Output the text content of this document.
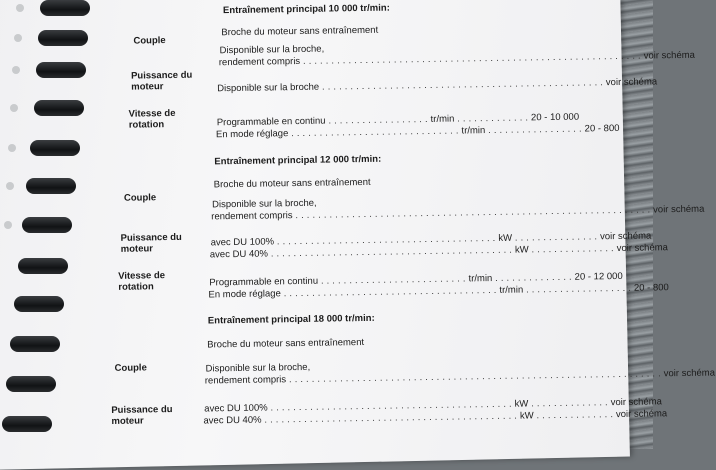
Entraînement principal 10 000 tr/min:
Broche du moteur sans entraînement
Couple
Disponible sur la broche,
rendement compris . . . . . . . . . . . . . . . . . . . . . . . . . . . . . . . . . . . . . . . . . . . . . . . . . . . . . . . . . . . . voir schéma
Puissance du moteur	Disponible sur la broche . . . . . . . . . . . . . . . . . . . . . . . . . . . . . . . . . . . . . . . . . . . . . . . . . . voir schéma
Vitesse de rotation	Programmable en continu . . . . . . . . . . . . . . . . . . tr/min . . . . . . . . . . . . . 20 - 10 000
En mode réglage . . . . . . . . . . . . . . . . . . . . . . . . . . . . . . tr/min . . . . . . . . . . . . . . . . . 20 - 800
Entraînement principal 12 000 tr/min:
Broche du moteur sans entraînement
Couple	Disponible sur la broche,
rendement compris . . . . . . . . . . . . . . . . . . . . . . . . . . . . . . . . . . . . . . . . . . . . . . . . . . . . . . . . . . . . . . . voir schéma
Puissance du moteur
avec DU 100% . . . . . . . . . . . . . . . . . . . . . . . . . . . . . . . . . . . . . . . kW . . . . . . . . . . . . . . . voir schéma
avec DU 40% . . . . . . . . . . . . . . . . . . . . . . . . . . . . . . . . . . . . . . . . . . . kW . . . . . . . . . . . . . . . voir schéma
Vitesse de rotation	Programmable en continu . . . . . . . . . . . . . . . . . . . . . . . . . . tr/min . . . . . . . . . . . . . . 20 - 12 000
En mode réglage . . . . . . . . . . . . . . . . . . . . . . . . . . . . . . . . . . . . . . tr/min . . . . . . . . . . . . . . . . . . . 20 - 800
Entraînement principal 18 000 tr/min:
Broche du moteur sans entraînement
Couple	Disponible sur la broche,
rendement compris . . . . . . . . . . . . . . . . . . . . . . . . . . . . . . . . . . . . . . . . . . . . . . . . . . . . . . . . . . . . . . . . . . voir schéma
Puissance du moteur
avec DU 100% . . . . . . . . . . . . . . . . . . . . . . . . . . . . . . . . . . . . . . . . . . . kW . . . . . . . . . . . . . . voir schéma
avec DU 40% . . . . . . . . . . . . . . . . . . . . . . . . . . . . . . . . . . . . . . . . . . . . . kW . . . . . . . . . . . . . . voir schéma
